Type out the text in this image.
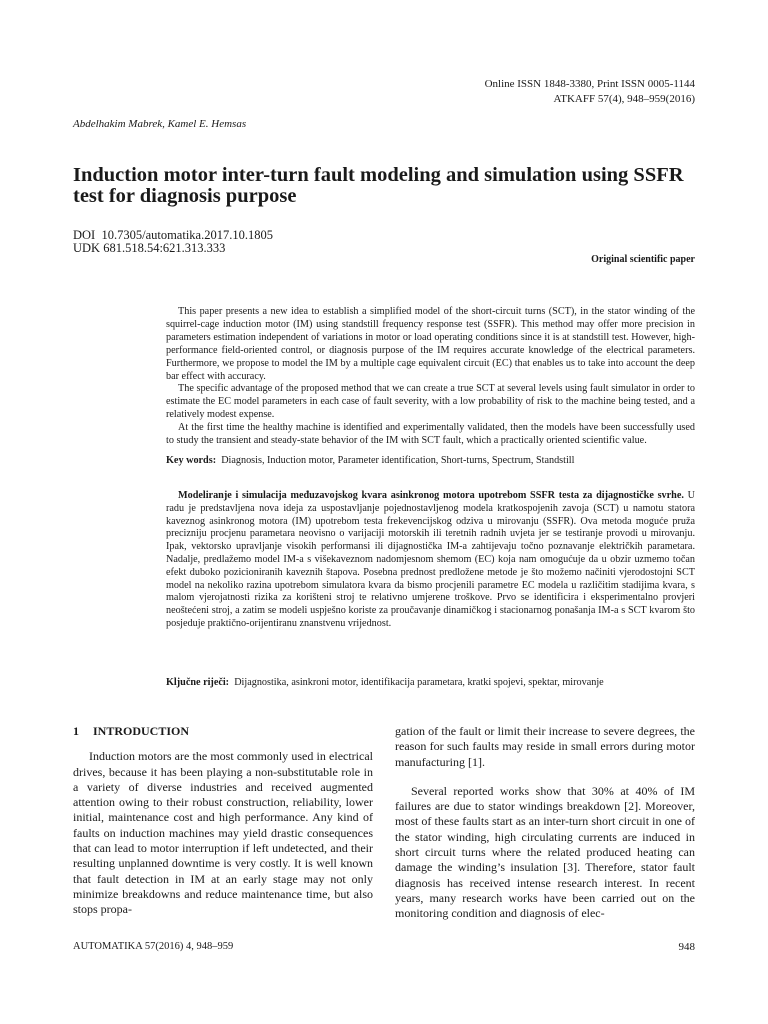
Online ISSN 1848-3380, Print ISSN 0005-1144
ATKAFF 57(4), 948–959(2016)
Abdelhakim Mabrek, Kamel E. Hemsas
Induction motor inter-turn fault modeling and simulation using SSFR test for diagnosis purpose
DOI  10.7305/automatika.2017.10.1805
UDK 681.518.54:621.313.333
Original scientific paper

This paper presents a new idea to establish a simplified model of the short-circuit turns (SCT), in the stator winding of the squirrel-cage induction motor (IM) using standstill frequency response test (SSFR). This method may offer more precision in parameters estimation independent of variations in motor or load operating conditions since it is at standstill test. However, high-performance field-oriented control, or diagnosis purpose of the IM requires accurate knowledge of the electrical parameters. Furthermore, we propose to model the IM by a multiple cage equivalent circuit (EC) that enables us to take into account the deep bar effect with accuracy.

The specific advantage of the proposed method that we can create a true SCT at several levels using fault simulator in order to estimate the EC model parameters in each case of fault severity, with a low probability of risk to the machine being tested, and a relatively modest expense.

At the first time the healthy machine is identified and experimentally validated, then the models have been successfully used to study the transient and steady-state behavior of the IM with SCT fault, which a practically oriented scientific value.

Key words: Diagnosis, Induction motor, Parameter identification, Short-turns, Spectrum, Standstill

Modeliranje i simulacija međuzavojskog kvara asinkronog motora upotrebom SSFR testa za dijagnostičke svrhe. U radu je predstavljena nova ideja za uspostavljanje pojednostavljenog modela kratkospojenih zavoja (SCT) u namotu statora kaveznog asinkronog motora (IM) upotrebom testa frekevencijskog odziva u mirovanju (SSFR). Ova metoda moguće pruža precizniju procjenu parametara neovisno o varijaciji motorskih ili teretnih radnih uvjeta jer se testiranje provodi u mirovanju. Ipak, vektorsko upravljanje visokih performansi ili dijagnostička IM-a zahtijevaju točno poznavanje električkih parametara. Nadalje, predlažemo model IM-a s višekaveznom nadomjesnom shemom (EC) koja nam omogućuje da u obzir uzmemo točan efekt duboko pozicioniranih kaveznih štapova. Posebna prednost predložene metode je što možemo načiniti vjerodostojni SCT model na nekoliko razina upotrebom simulatora kvara da bismo procjenili parametre EC modela u različitim stadijima kvara, s malom vjerojatnosti rizika za korišteni stroj te relativno umjerene troškove. Prvo se identificira i eksperimentalno provjeri neoštećeni stroj, a zatim se modeli uspješno koriste za proučavanje dinamičkog i stacionarnog ponašanja IM-a s SCT kvarom što posjeduje praktično-orijentiranu znanstvenu vrijednost.
Ključne riječi: Dijagnostika, asinkroni motor, identifikacija parametara, kratki spojevi, spektar, mirovanje
1 INTRODUCTION

Induction motors are the most commonly used in electrical drives, because it has been playing a non-substitutable role in a variety of diverse industries and received augmented attention owing to their robust construction, reliability, lower initial, maintenance cost and high performance. Any kind of faults on induction machines may yield drastic consequences that can lead to motor interruption if left undetected, and their resulting unplanned downtime is very costly. It is well known that fault detection in IM at an early stage may not only minimize breakdowns and reduce maintenance time, but also stops propa-

gation of the fault or limit their increase to severe degrees, the reason for such faults may reside in small errors during motor manufacturing [1].

Several reported works show that 30% at 40% of IM failures are due to stator windings breakdown [2]. Moreover, most of these faults start as an inter-turn short circuit in one of the stator winding, high circulating currents are induced in short circuit turns where the related produced heating can damage the winding’s insulation [3]. Therefore, stator fault diagnosis has received intense research interest. In recent years, many research works have been carried out on the monitoring condition and diagnosis of elec-

AUTOMATIKA 57(2016) 4, 948–959	948
